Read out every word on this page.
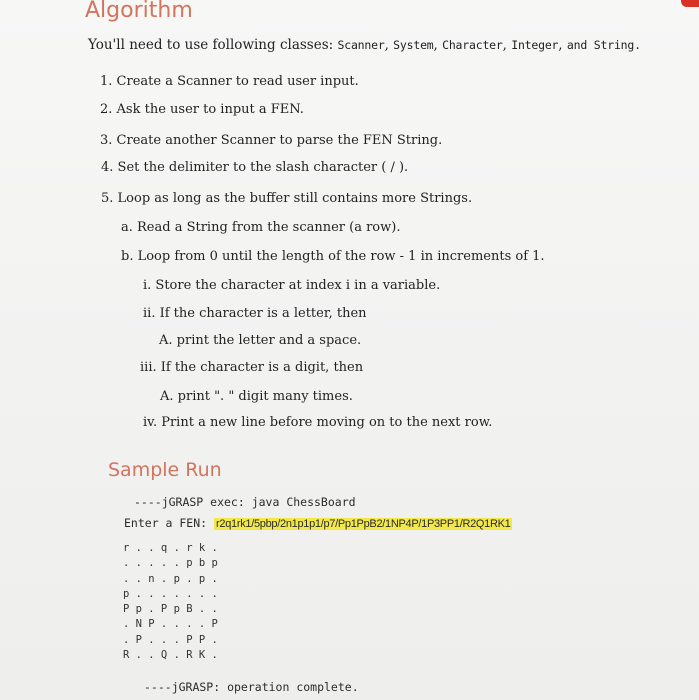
Algorithm
You'll need to use following classes: Scanner, System, Character, Integer, and String.
1. Create a Scanner to read user input.
2. Ask the user to input a FEN.
3. Create another Scanner to parse the FEN String.
4. Set the delimiter to the slash character ( / ).
5. Loop as long as the buffer still contains more Strings.
a. Read a String from the scanner (a row).
b. Loop from 0 until the length of the row - 1 in increments of 1.
i. Store the character at index i in a variable.
ii. If the character is a letter, then
A. print the letter and a space.
iii. If the character is a digit, then
A. print ". " digit many times.
iv. Print a new line before moving on to the next row.
Sample Run
----jGRASP exec: java ChessBoard
Enter a FEN: r2q1rk1/5pbp/2n1p1p1/p7/Pp1PpB2/1NP4P/1P3PP1/R2Q1RK1
r . . q . r k .
. . . . . p b p
. . n . p . p .
p . . . . . . .
P p . P p B . .
. N P . . . . P
. P . . . P P .
R . . Q . R K .
----jGRASP: operation complete.
